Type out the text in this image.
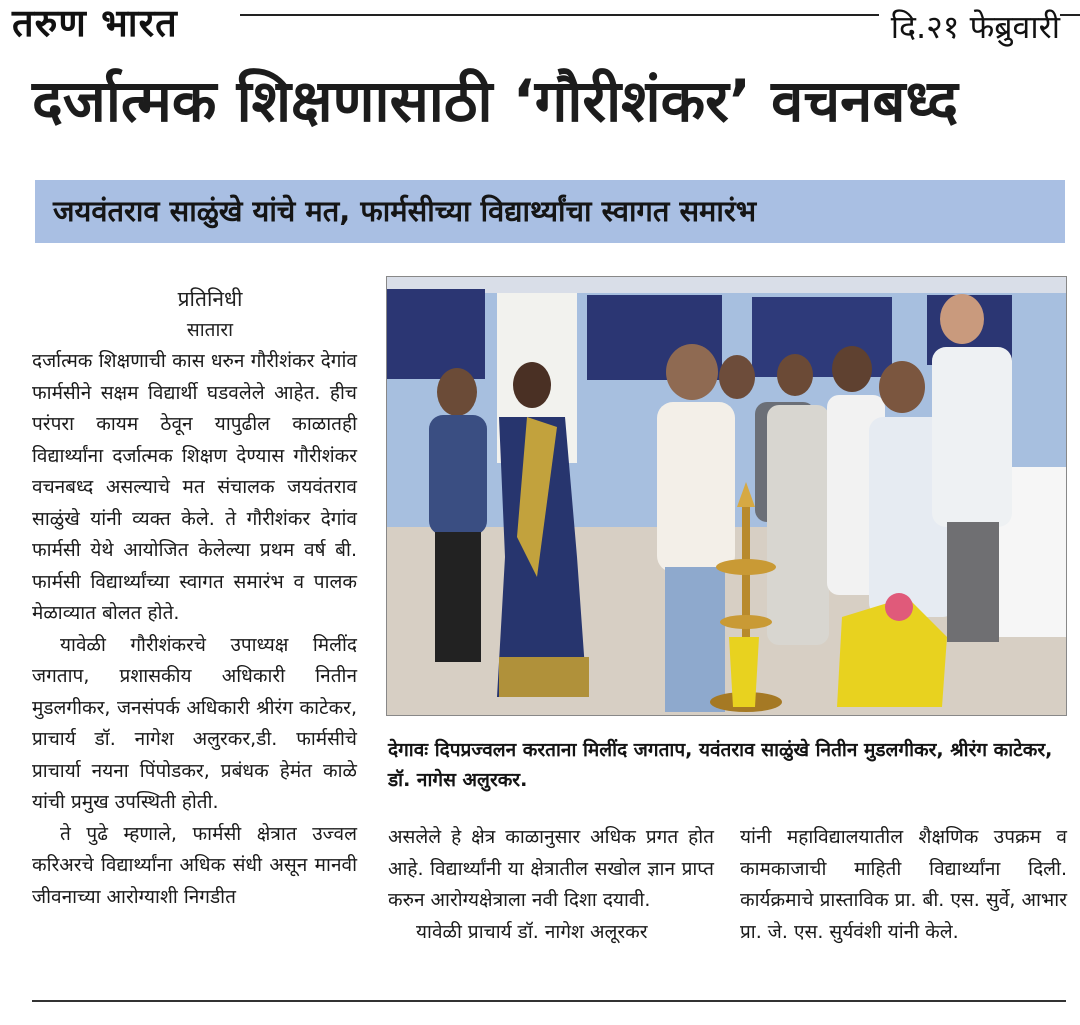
तरुण भारत	दि.२१ फेब्रुवारी
दर्जात्मक शिक्षणासाठी ‘गौरीशंकर’ वचनबध्द
जयवंतराव साळुंखे यांचे मत, फार्मसीच्या विद्यार्थ्यांचा स्वागत समारंभ
प्रतिनिधी
सातारा

दर्जात्मक शिक्षणाची कास धरुन गौरीशंकर देगांव फार्मसीने सक्षम विद्यार्थी घडवलेले आहेत. हीच परंपरा कायम ठेवून यापुढील काळातही विद्यार्थ्यांना दर्जात्मक शिक्षण देण्यास गौरीशंकर वचनबध्द असल्याचे मत संचालक जयवंतराव साळुंखे यांनी व्यक्त केले. ते गौरीशंकर देगांव फार्मसी येथे आयोजित केलेल्या प्रथम वर्ष बी. फार्मसी विद्यार्थ्यांच्या स्वागत समारंभ व पालक मेळाव्यात बोलत होते.

यावेळी गौरीशंकरचे उपाध्यक्ष मिलींद जगताप, प्रशासकीय अधिकारी नितीन मुडलगीकर, जनसंपर्क अधिकारी श्रीरंग काटेकर, प्राचार्य डॉ. नागेश अलुरकर,डी. फार्मसीचे प्राचार्या नयना पिंपोडकर, प्रबंधक हेमंत काळे यांची प्रमुख उपस्थिती होती.

ते पुढे म्हणाले, फार्मसी क्षेत्रात उज्वल करिअरचे विद्यार्थ्यांना अधिक संधी असून मानवी जीवनाच्या आरोग्याशी निगडीत

देगावः दिपप्रज्वलन करताना मिलींद जगताप, यवंतराव साळुंखे नितीन मुडलगीकर, श्रीरंग काटेकर, डॉ. नागेस अलुरकर.

असलेले हे क्षेत्र काळानुसार अधिक प्रगत होत आहे. विद्यार्थ्यांनी या क्षेत्रातील सखोल ज्ञान प्राप्त करुन आरोग्यक्षेत्राला नवी दिशा दयावी.

यावेळी प्राचार्य डॉ. नागेश अलूरकर

यांनी महाविद्यालयातील शैक्षणिक उपक्रम व कामकाजाची माहिती विद्यार्थ्यांना दिली. कार्यक्रमाचे प्रास्ताविक प्रा. बी. एस. सुर्वे, आभार प्रा. जे. एस. सुर्यवंशी यांनी केले.
